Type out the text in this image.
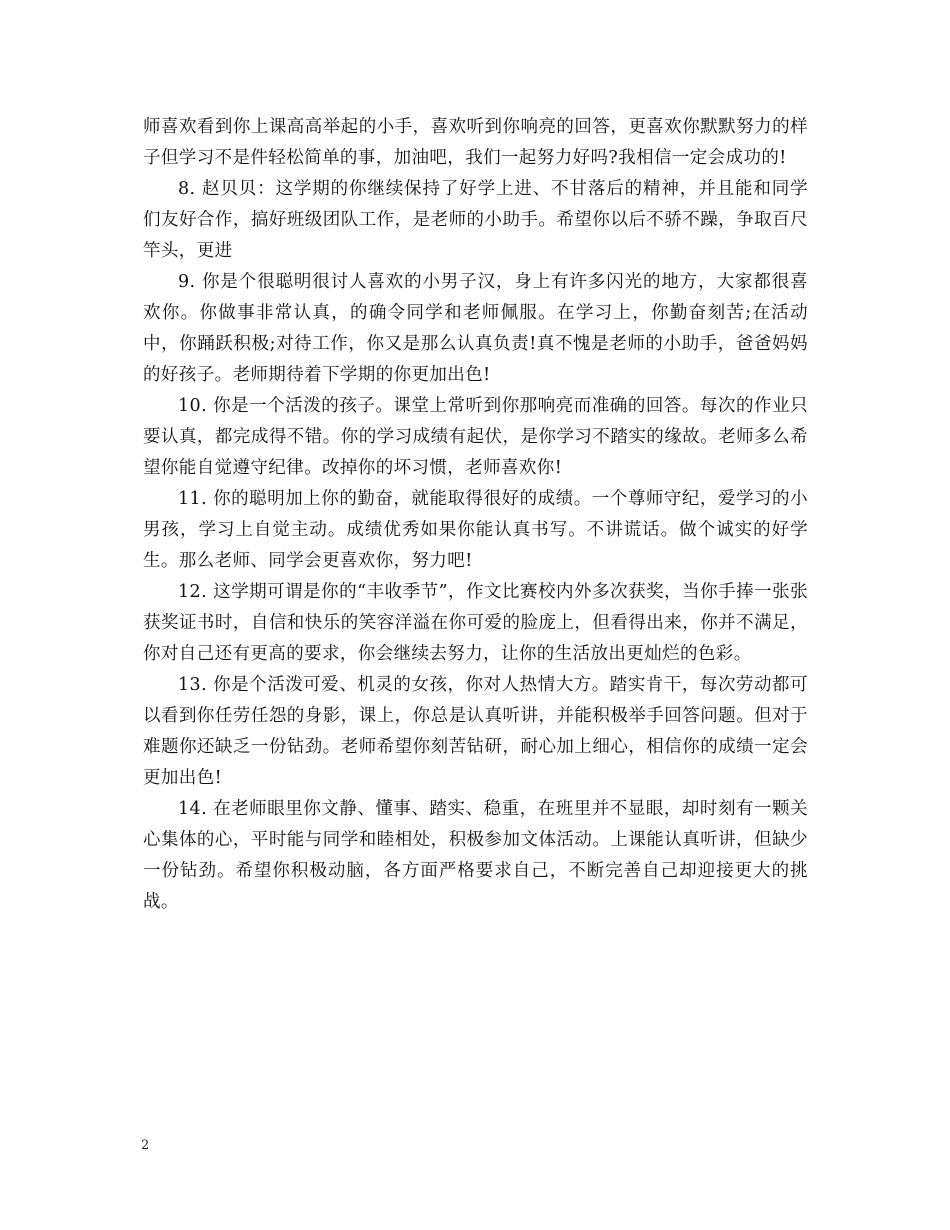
师喜欢看到你上课高高举起的小手，喜欢听到你响亮的回答，更喜欢你默默努力的样子但学习不是件轻松简单的事，加油吧，我们一起努力好吗?我相信一定会成功的!

8. 赵贝贝：这学期的你继续保持了好学上进、不甘落后的精神，并且能和同学们友好合作，搞好班级团队工作，是老师的小助手。希望你以后不骄不躁，争取百尺竿头，更进

9. 你是个很聪明很讨人喜欢的小男子汉，身上有许多闪光的地方，大家都很喜欢你。你做事非常认真，的确令同学和老师佩服。在学习上，你勤奋刻苦;在活动中，你踊跃积极;对待工作，你又是那么认真负责!真不愧是老师的小助手，爸爸妈妈的好孩子。老师期待着下学期的你更加出色!

10. 你是一个活泼的孩子。课堂上常听到你那响亮而准确的回答。每次的作业只要认真，都完成得不错。你的学习成绩有起伏，是你学习不踏实的缘故。老师多么希望你能自觉遵守纪律。改掉你的坏习惯，老师喜欢你!

11. 你的聪明加上你的勤奋，就能取得很好的成绩。一个尊师守纪，爱学习的小男孩，学习上自觉主动。成绩优秀如果你能认真书写。不讲谎话。做个诚实的好学生。那么老师、同学会更喜欢你，努力吧!

12. 这学期可谓是你的“丰收季节”，作文比赛校内外多次获奖，当你手捧一张张获奖证书时，自信和快乐的笑容洋溢在你可爱的脸庞上，但看得出来，你并不满足，你对自己还有更高的要求，你会继续去努力，让你的生活放出更灿烂的色彩。

13. 你是个活泼可爱、机灵的女孩，你对人热情大方。踏实肯干，每次劳动都可以看到你任劳任怨的身影，课上，你总是认真听讲，并能积极举手回答问题。但对于难题你还缺乏一份钻劲。老师希望你刻苦钻研，耐心加上细心，相信你的成绩一定会更加出色!

14. 在老师眼里你文静、懂事、踏实、稳重，在班里并不显眼，却时刻有一颗关心集体的心，平时能与同学和睦相处，积极参加文体活动。上课能认真听讲，但缺少一份钻劲。希望你积极动脑，各方面严格要求自己，不断完善自己却迎接更大的挑战。

2
